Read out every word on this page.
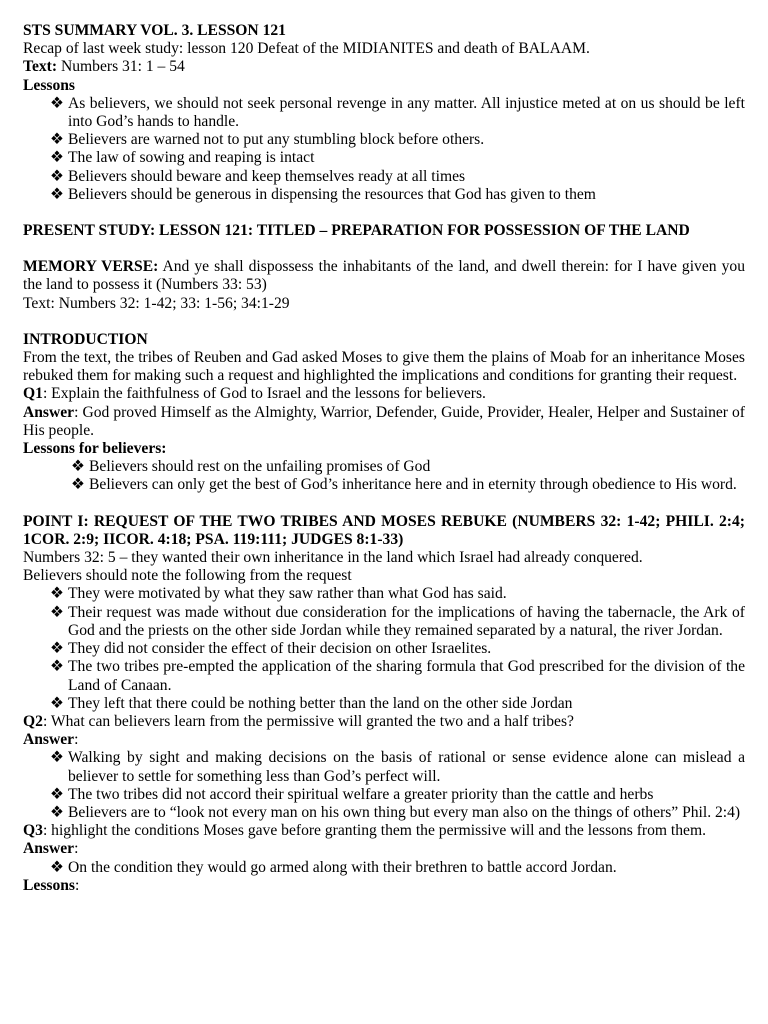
STS SUMMARY VOL. 3. LESSON 121

Recap of last week study: lesson 120 Defeat of the MIDIANITES and death of BALAAM.

Text: Numbers 31: 1 – 54

Lessons

❖ As believers, we should not seek personal revenge in any matter. All injustice meted at on us should be left into God’s hands to handle.
❖ Believers are warned not to put any stumbling block before others.
❖ The law of sowing and reaping is intact
❖ Believers should beware and keep themselves ready at all times
❖ Believers should be generous in dispensing the resources that God has given to them

PRESENT STUDY: LESSON 121: TITLED – PREPARATION FOR POSSESSION OF THE LAND

MEMORY VERSE: And ye shall dispossess the inhabitants of the land, and dwell therein: for I have given you the land to possess it (Numbers 33: 53)

Text: Numbers 32: 1-42; 33: 1-56; 34:1-29

INTRODUCTION

From the text, the tribes of Reuben and Gad asked Moses to give them the plains of Moab for an inheritance Moses rebuked them for making such a request and highlighted the implications and conditions for granting their request.

Q1: Explain the faithfulness of God to Israel and the lessons for believers.

Answer: God proved Himself as the Almighty, Warrior, Defender, Guide, Provider, Healer, Helper and Sustainer of His people.

Lessons for believers:

❖ Believers should rest on the unfailing promises of God
❖ Believers can only get the best of God’s inheritance here and in eternity through obedience to His word.

POINT I: REQUEST OF THE TWO TRIBES AND MOSES REBUKE (NUMBERS 32: 1-42; PHILI. 2:4; 1COR. 2:9; IICOR. 4:18; PSA. 119:111; JUDGES 8:1-33)

Numbers 32: 5 – they wanted their own inheritance in the land which Israel had already conquered.

Believers should note the following from the request

❖ They were motivated by what they saw rather than what God has said.
❖ Their request was made without due consideration for the implications of having the tabernacle, the Ark of God and the priests on the other side Jordan while they remained separated by a natural, the river Jordan.
❖ They did not consider the effect of their decision on other Israelites.
❖ The two tribes pre-empted the application of the sharing formula that God prescribed for the division of the Land of Canaan.
❖ They left that there could be nothing better than the land on the other side Jordan

Q2: What can believers learn from the permissive will granted the two and a half tribes?

Answer:

❖ Walking by sight and making decisions on the basis of rational or sense evidence alone can mislead a believer to settle for something less than God’s perfect will.
❖ The two tribes did not accord their spiritual welfare a greater priority than the cattle and herbs
❖ Believers are to “look not every man on his own thing but every man also on the things of others” Phil. 2:4)

Q3: highlight the conditions Moses gave before granting them the permissive will and the lessons from them.

Answer:

❖ On the condition they would go armed along with their brethren to battle accord Jordan.

Lessons:
